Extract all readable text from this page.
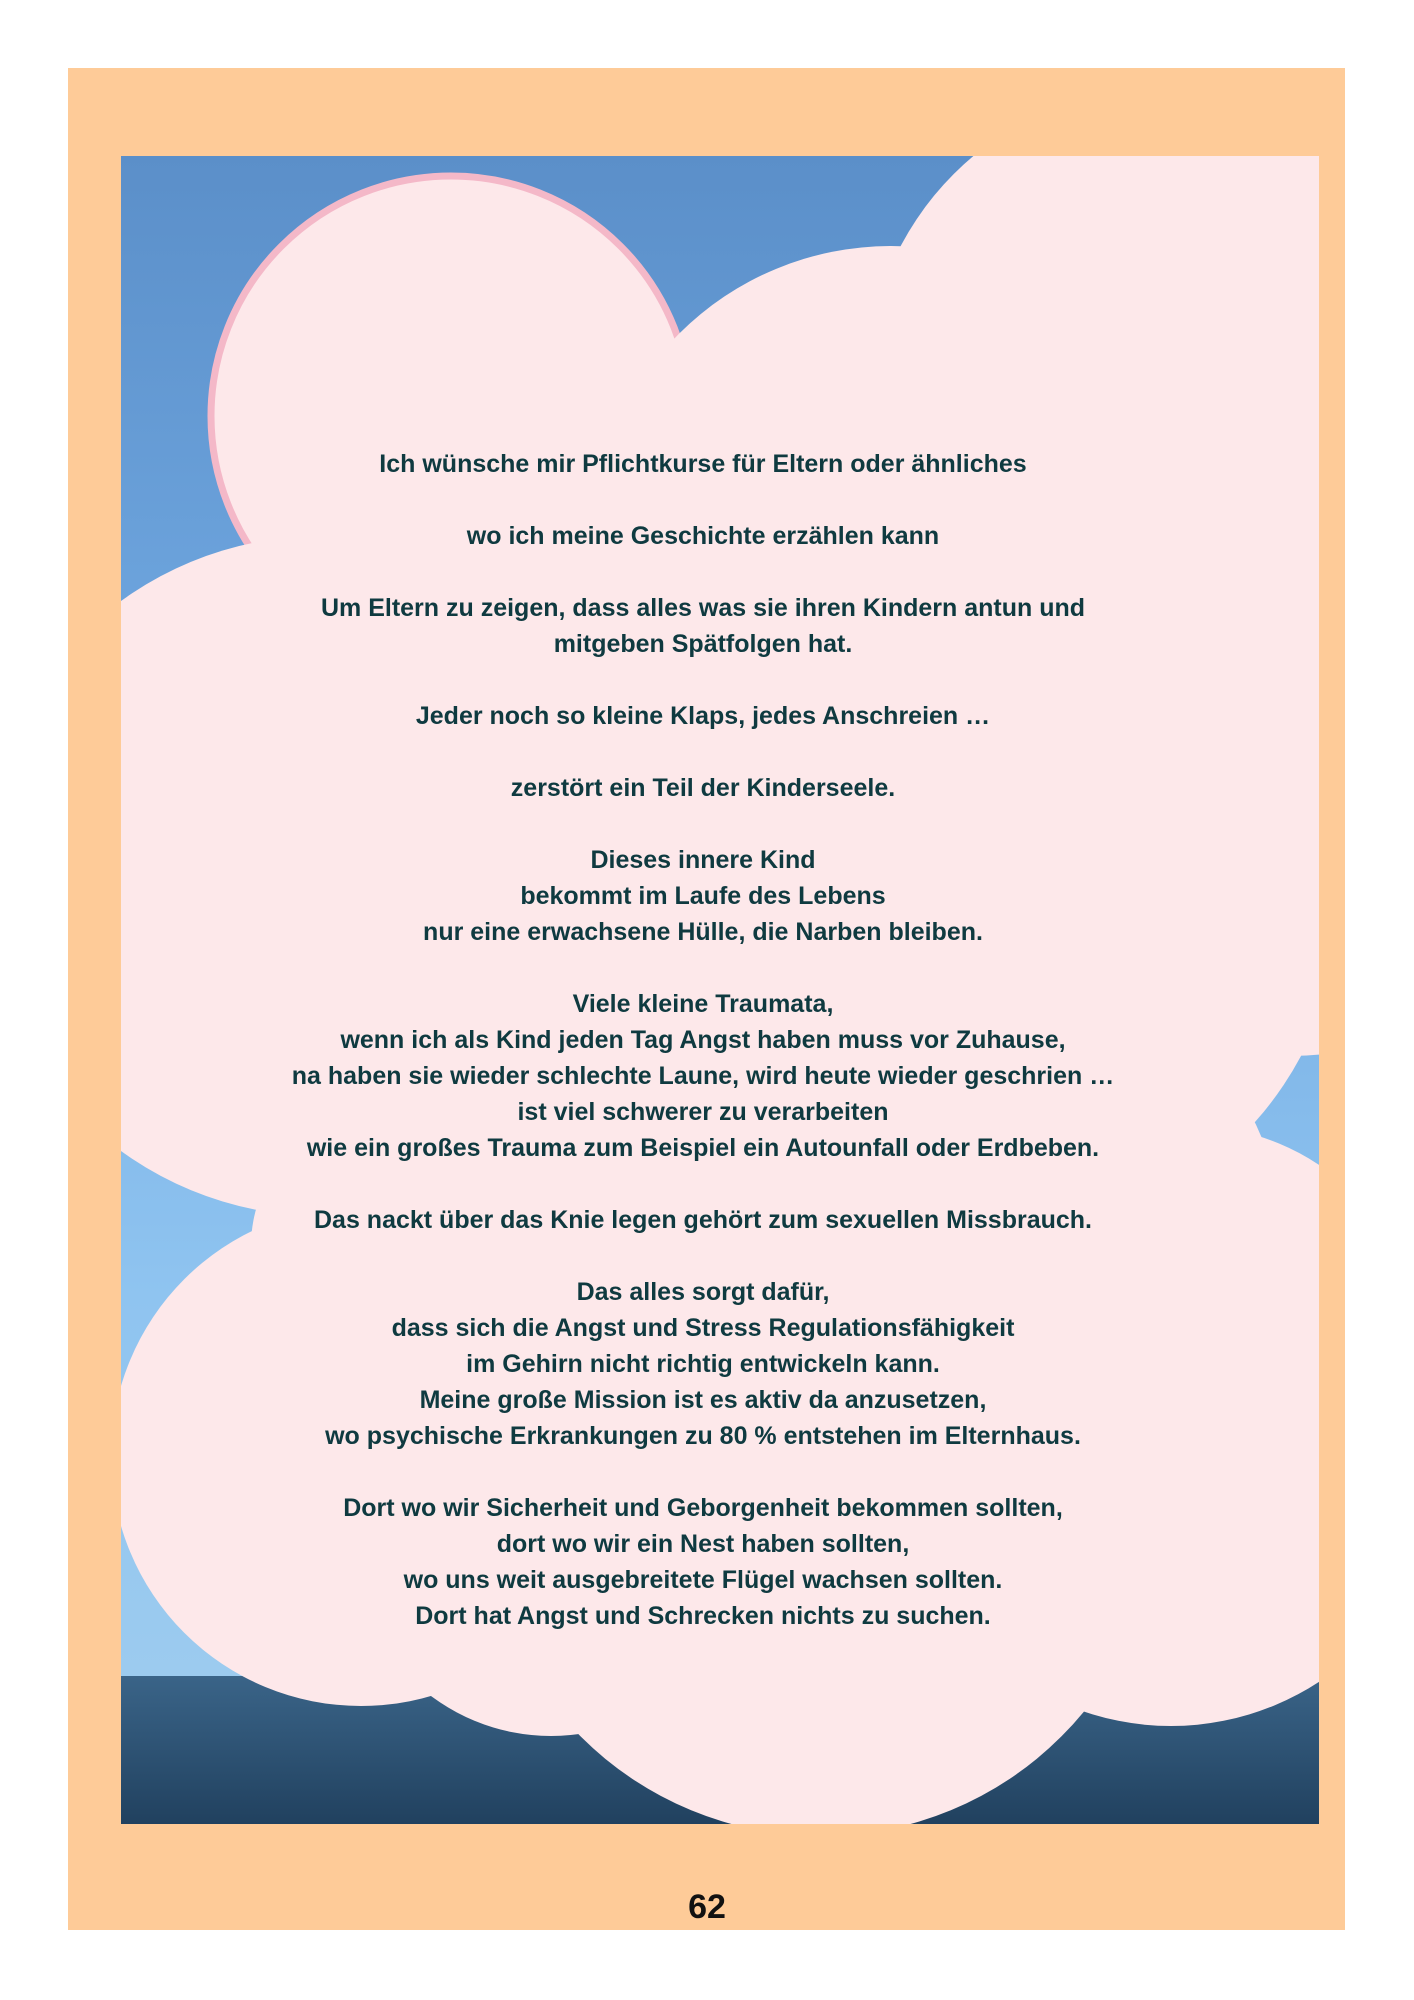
Ich wünsche mir Pflichtkurse für Eltern oder ähnliches
wo ich meine Geschichte erzählen kann
Um Eltern zu zeigen, dass alles was sie ihren Kindern antun und
mitgeben Spätfolgen hat.
Jeder noch so kleine Klaps, jedes Anschreien …
zerstört ein Teil der Kinderseele.
Dieses innere Kind
bekommt im Laufe des Lebens
nur eine erwachsene Hülle, die Narben bleiben.
Viele kleine Traumata,
wenn ich als Kind jeden Tag Angst haben muss vor Zuhause,
na haben sie wieder schlechte Laune, wird heute wieder geschrien …
ist viel schwerer zu verarbeiten
wie ein großes Trauma zum Beispiel ein Autounfall oder Erdbeben.
Das nackt über das Knie legen gehört zum sexuellen Missbrauch.
Das alles sorgt dafür,
dass sich die Angst und Stress Regulationsfähigkeit
im Gehirn nicht richtig entwickeln kann.
Meine große Mission ist es aktiv da anzusetzen,
wo psychische Erkrankungen zu 80 % entstehen im Elternhaus.
Dort wo wir Sicherheit und Geborgenheit bekommen sollten,
dort wo wir ein Nest haben sollten,
wo uns weit ausgebreitete Flügel wachsen sollten.
Dort hat Angst und Schrecken nichts zu suchen.
62
